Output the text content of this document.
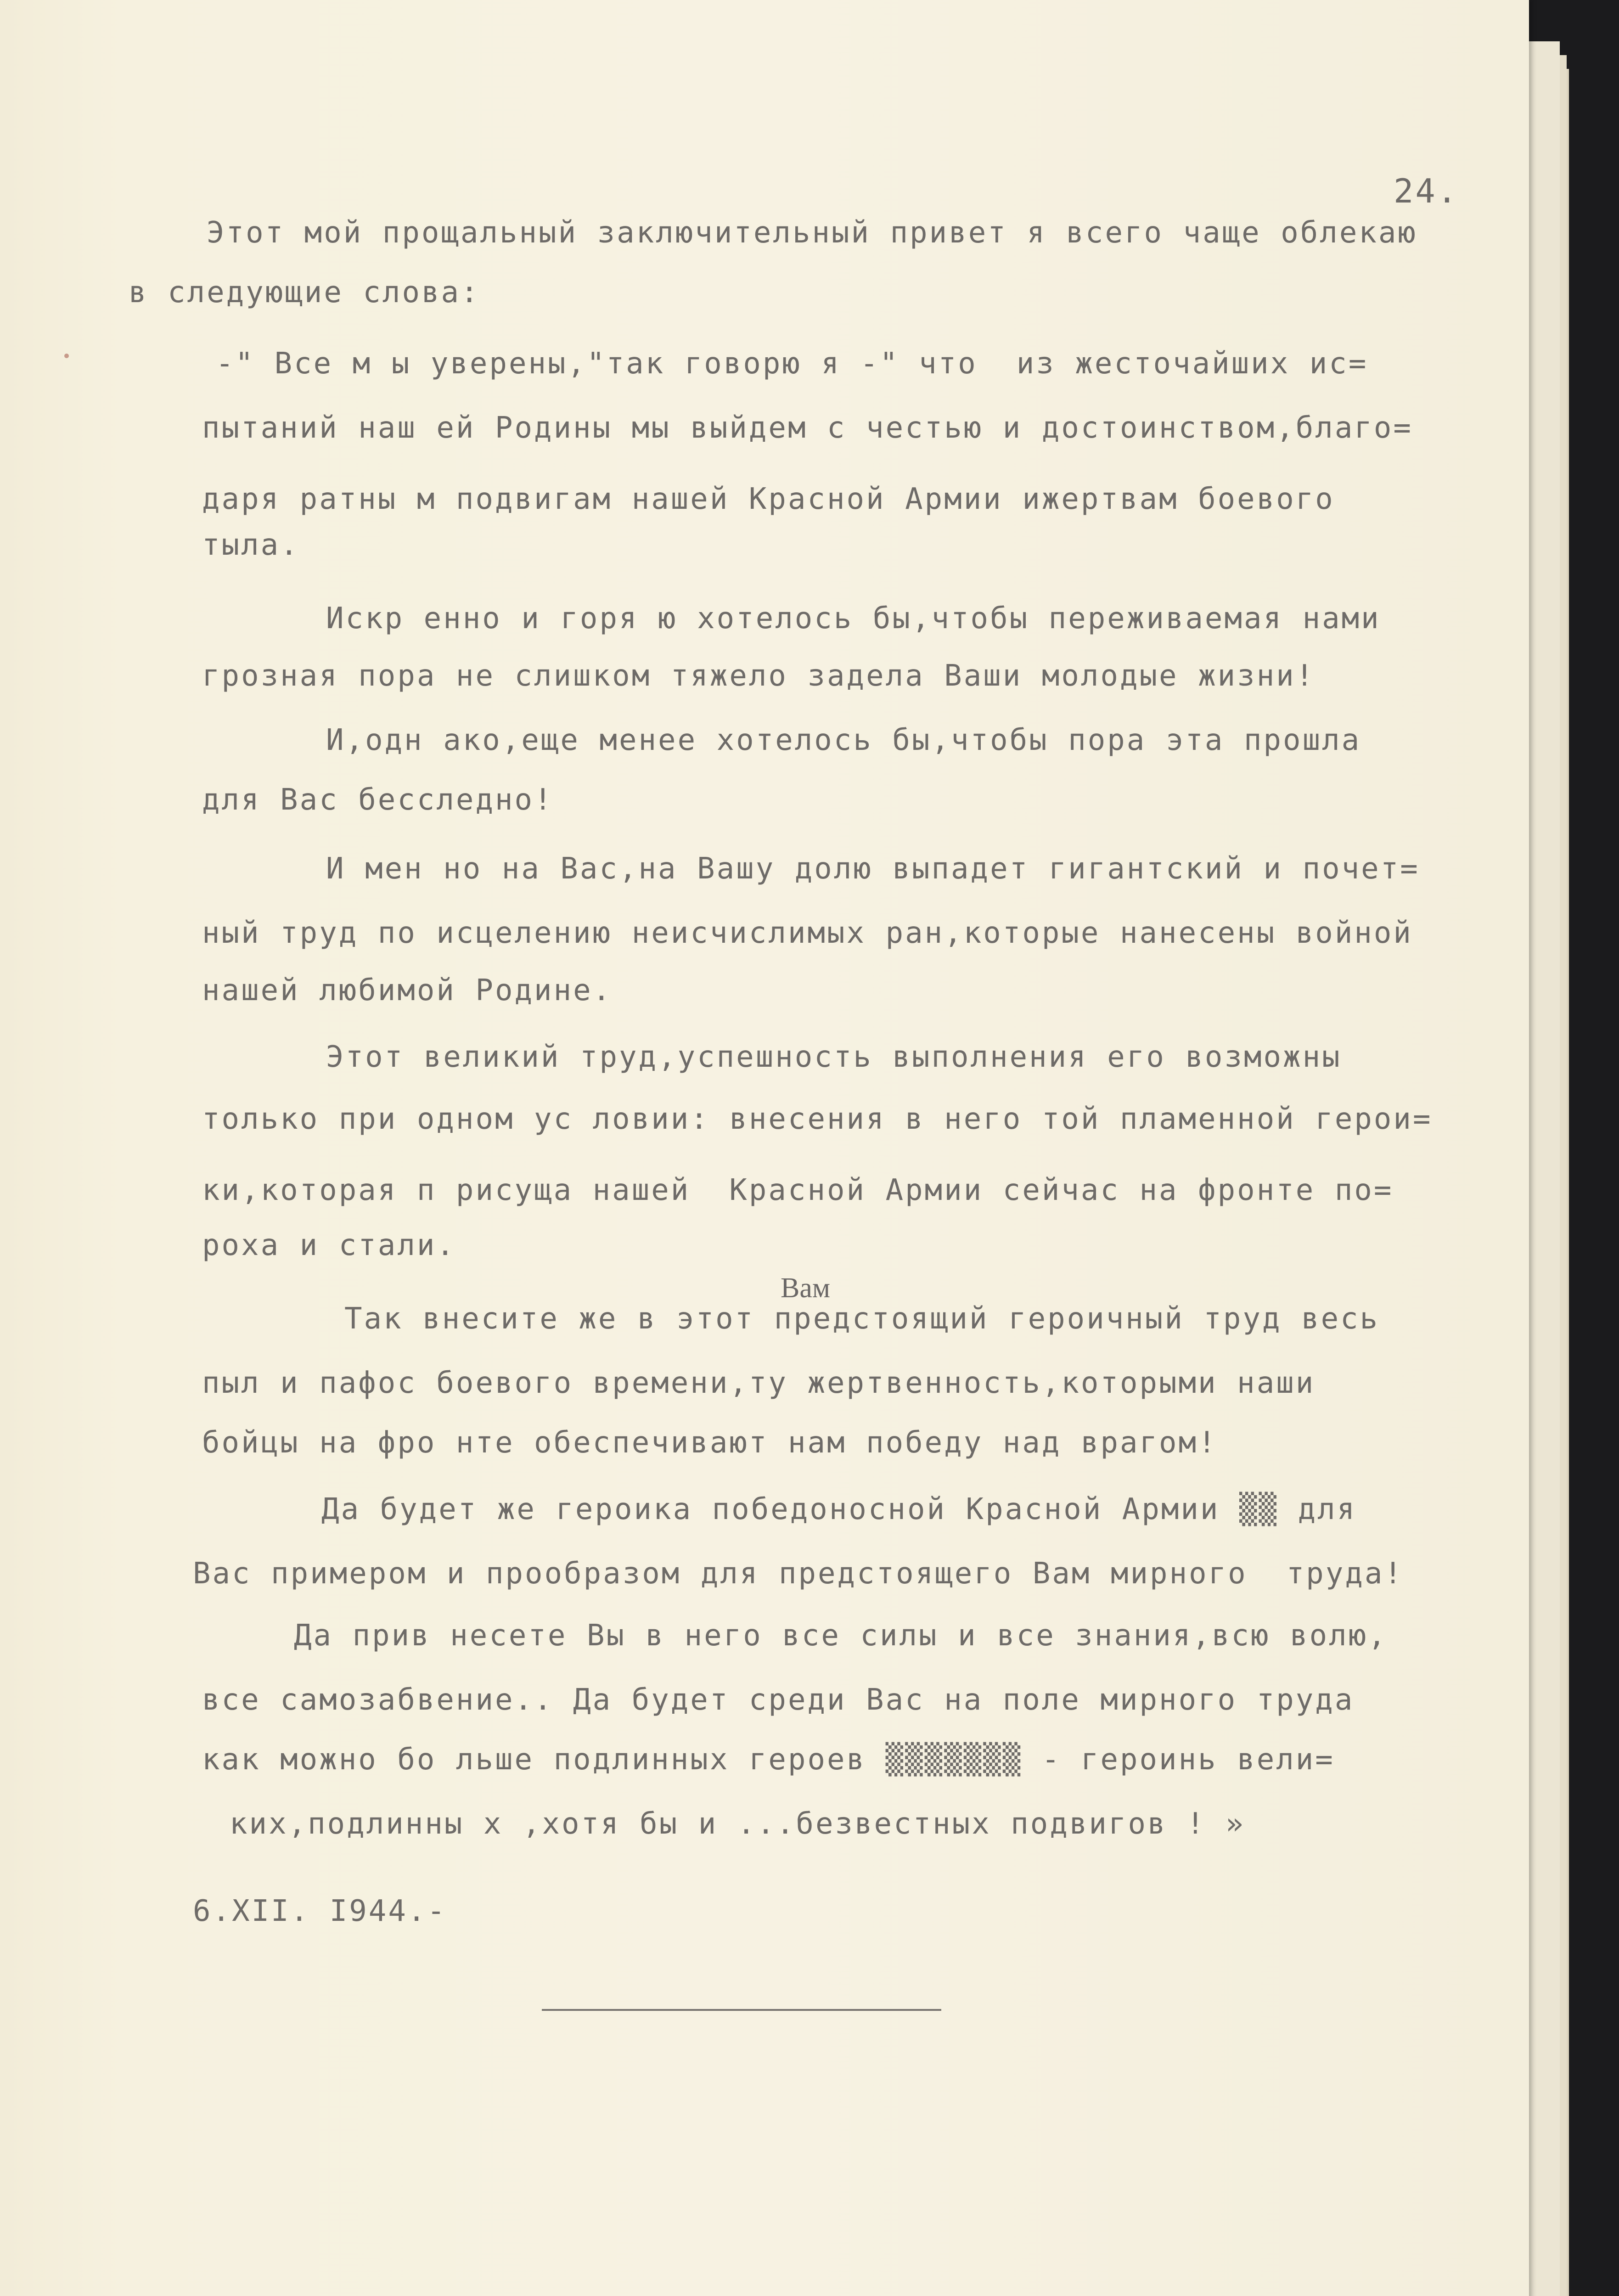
24.

Этот мой прощальный заключительный привет я всего чаще облекаю

в следующие слова:

-" Все м ы уверены,"так говорю я -" что  из жесточайших ис=

пытаний наш ей Родины мы выйдем с честью и достоинством,благо=

даря ратны м подвигам нашей Красной Армии ижертвам боевого

тыла.

Искр енно и горя ю хотелось бы,чтобы переживаемая нами

грозная пора не слишком тяжело задела Ваши молодые жизни!

И,одн ако,еще менее хотелось бы,чтобы пора эта прошла

для Вас бесследно!

И мен но на Вас,на Вашу долю выпадет гигантский и почет=

ный труд по исцелению неисчислимых ран,которые нанесены войной

нашей любимой Родине.

Этот великий труд,успешность выполнения его возможны

только при одном ус ловии: внесения в него той пламенной герои=

ки,которая п рисуща нашей  Красной Армии сейчас на фронте по=

роха и стали.

Вам

Так внесите же в этот предстоящий героичный труд весь

пыл и пафос боевого времени,ту жертвенность,которыми наши

бойцы на фро нте обеспечивают нам победу над врагом!

Да будет же героика победоносной Красной Армии ▒▒ для

Вас примером и прообразом для предстоящего Вам мирного  труда!

Да прив несете Вы в него все силы и все знания,всю волю,

все самозабвение.. Да будет среди Вас на поле мирного труда

как можно бо льше подлинных героев ▒▒▒▒▒▒▒ - героинь вели=

ких,подлинны х ,хотя бы и ...безвестных подвигов ! »

6.XII. I944.-
